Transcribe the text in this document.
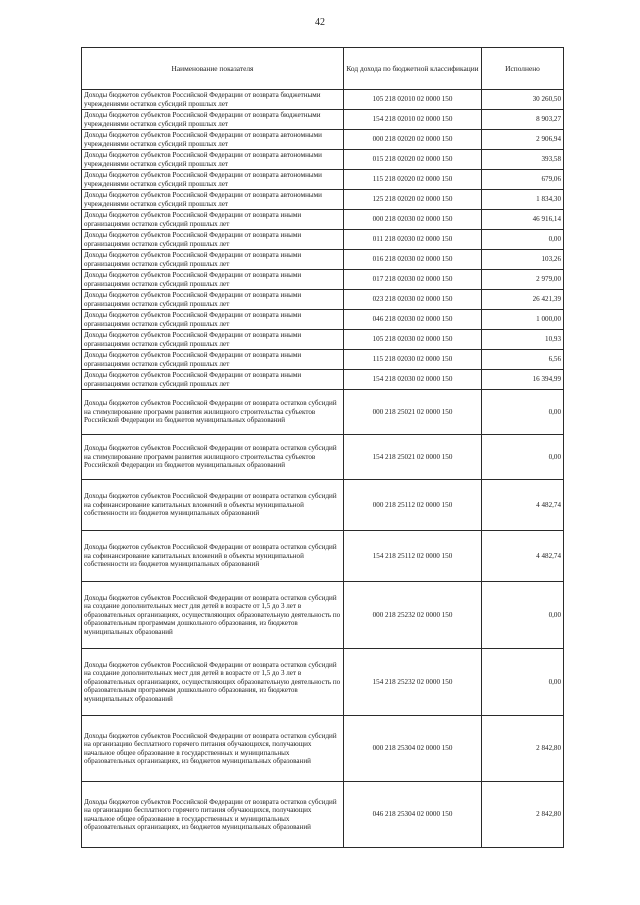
42
Наименование показателя	Код дохода по бюджетной классификации	Исполнено
Доходы бюджетов субъектов Российской Федерации от возврата бюджетными учреждениями остатков субсидий прошлых лет	105 218 02010 02 0000 150	30 260,50
Доходы бюджетов субъектов Российской Федерации от возврата бюджетными учреждениями остатков субсидий прошлых лет	154 218 02010 02 0000 150	8 903,27
Доходы бюджетов субъектов Российской Федерации от возврата автономными учреждениями остатков субсидий прошлых лет	000 218 02020 02 0000 150	2 906,94
Доходы бюджетов субъектов Российской Федерации от возврата автономными учреждениями остатков субсидий прошлых лет	015 218 02020 02 0000 150	393,58
Доходы бюджетов субъектов Российской Федерации от возврата автономными учреждениями остатков субсидий прошлых лет	115 218 02020 02 0000 150	679,06
Доходы бюджетов субъектов Российской Федерации от возврата автономными учреждениями остатков субсидий прошлых лет	125 218 02020 02 0000 150	1 834,30
Доходы бюджетов субъектов Российской Федерации от возврата иными организациями остатков субсидий прошлых лет	000 218 02030 02 0000 150	46 916,14
Доходы бюджетов субъектов Российской Федерации от возврата иными организациями остатков субсидий прошлых лет	011 218 02030 02 0000 150	0,00
Доходы бюджетов субъектов Российской Федерации от возврата иными организациями остатков субсидий прошлых лет	016 218 02030 02 0000 150	103,26
Доходы бюджетов субъектов Российской Федерации от возврата иными организациями остатков субсидий прошлых лет	017 218 02030 02 0000 150	2 979,00
Доходы бюджетов субъектов Российской Федерации от возврата иными организациями остатков субсидий прошлых лет	023 218 02030 02 0000 150	26 421,39
Доходы бюджетов субъектов Российской Федерации от возврата иными организациями остатков субсидий прошлых лет	046 218 02030 02 0000 150	1 000,00
Доходы бюджетов субъектов Российской Федерации от возврата иными организациями остатков субсидий прошлых лет	105 218 02030 02 0000 150	10,93
Доходы бюджетов субъектов Российской Федерации от возврата иными организациями остатков субсидий прошлых лет	115 218 02030 02 0000 150	6,56
Доходы бюджетов субъектов Российской Федерации от возврата иными организациями остатков субсидий прошлых лет	154 218 02030 02 0000 150	16 394,99
Доходы бюджетов субъектов Российской Федерации от возврата остатков субсидий на стимулирование программ развития жилищного строительства субъектов Российской Федерации из бюджетов муниципальных образований	000 218 25021 02 0000 150	0,00
Доходы бюджетов субъектов Российской Федерации от возврата остатков субсидий на стимулирование программ развития жилищного строительства субъектов Российской Федерации из бюджетов муниципальных образований	154 218 25021 02 0000 150	0,00
Доходы бюджетов субъектов Российской Федерации от возврата остатков субсидий на софинансирование капитальных вложений в объекты муниципальной собственности из бюджетов муниципальных образований	000 218 25112 02 0000 150	4 482,74
Доходы бюджетов субъектов Российской Федерации от возврата остатков субсидий на софинансирование капитальных вложений в объекты муниципальной собственности из бюджетов муниципальных образований	154 218 25112 02 0000 150	4 482,74
Доходы бюджетов субъектов Российской Федерации от возврата остатков субсидий на создание дополнительных мест для детей в возрасте от 1,5 до 3 лет в образовательных организациях, осуществляющих образовательную деятельность по образовательным программам дошкольного образования, из бюджетов муниципальных образований	000 218 25232 02 0000 150	0,00
Доходы бюджетов субъектов Российской Федерации от возврата остатков субсидий на создание дополнительных мест для детей в возрасте от 1,5 до 3 лет в образовательных организациях, осуществляющих образовательную деятельность по образовательным программам дошкольного образования, из бюджетов муниципальных образований	154 218 25232 02 0000 150	0,00
Доходы бюджетов субъектов Российской Федерации от возврата остатков субсидий на организацию бесплатного горячего питания обучающихся, получающих начальное общее образование в государственных и муниципальных образовательных организациях, из бюджетов муниципальных образований	000 218 25304 02 0000 150	2 842,80
Доходы бюджетов субъектов Российской Федерации от возврата остатков субсидий на организацию бесплатного горячего питания обучающихся, получающих начальное общее образование в государственных и муниципальных образовательных организациях, из бюджетов муниципальных образований	046 218 25304 02 0000 150	2 842,80
